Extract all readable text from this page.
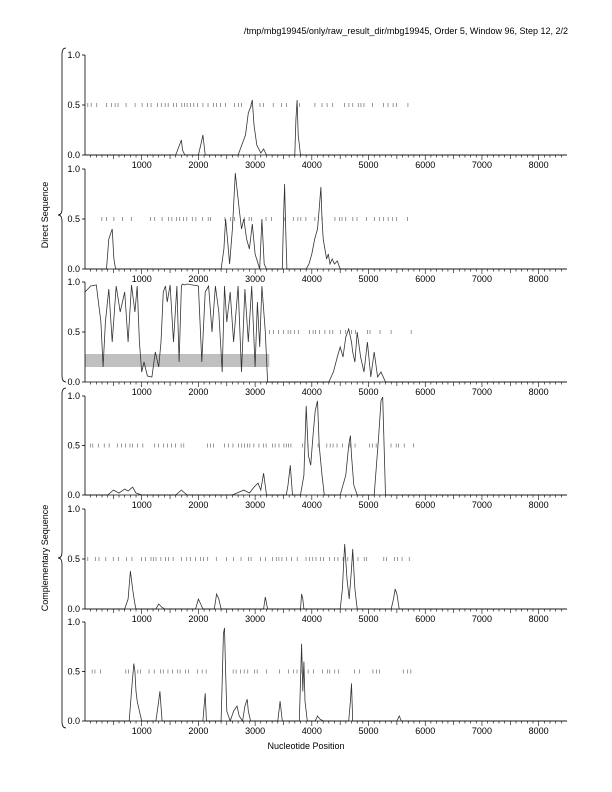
/tmp/mbg19945/only/raw_result_dir/mbg19945, Order 5, Window 96, Step 12, 2/2
0.0
0.5
1.0
1000	2000	3000	4000	5000	6000	7000	8000
0.0
0.5
1.0
1000	2000	3000	4000	5000	6000	7000	8000
0.0
0.5
1.0
1000	2000	3000	4000	5000	6000	7000	8000
0.0
0.5
1.0
1000	2000	3000	4000	5000	6000	7000	8000
0.0
0.5
1.0
1000	2000	3000	4000	5000	6000	7000	8000
0.0
0.5
1.0
1000	2000	3000	4000	5000	6000	7000	8000
Direct Sequence
Complementary Sequence
Nucleotide Position
